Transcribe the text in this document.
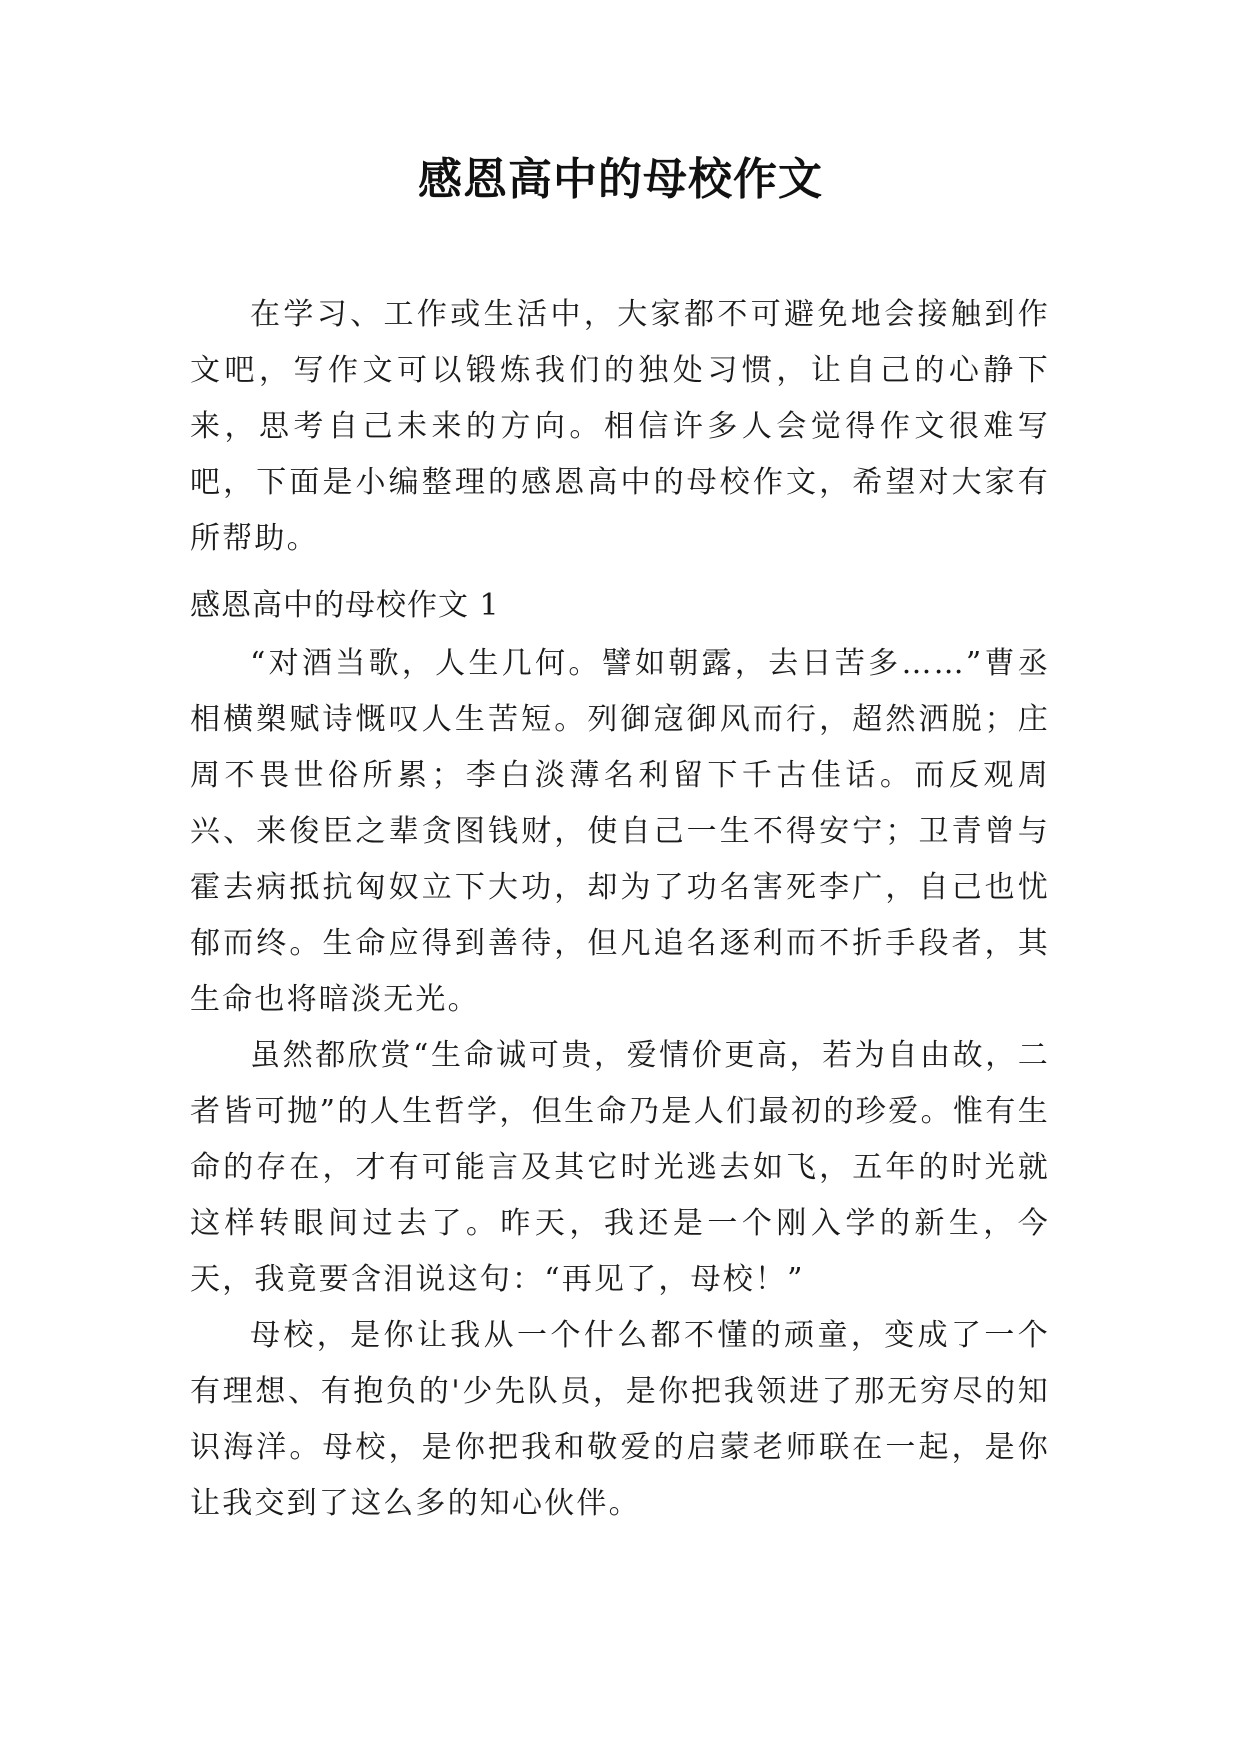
感恩高中的母校作文

在学习、工作或生活中，大家都不可避免地会接触到作文吧，写作文可以锻炼我们的独处习惯，让自己的心静下来，思考自己未来的方向。相信许多人会觉得作文很难写吧，下面是小编整理的感恩高中的母校作文，希望对大家有所帮助。

感恩高中的母校作文 1

“对酒当歌，人生几何。譬如朝露，去日苦多……”曹丞相横槊赋诗慨叹人生苦短。列御寇御风而行，超然洒脱；庄周不畏世俗所累；李白淡薄名利留下千古佳话。而反观周兴、来俊臣之辈贪图钱财，使自己一生不得安宁；卫青曾与霍去病抵抗匈奴立下大功，却为了功名害死李广，自己也忧郁而终。生命应得到善待，但凡追名逐利而不折手段者，其生命也将暗淡无光。

虽然都欣赏“生命诚可贵，爱情价更高，若为自由故，二者皆可抛”的人生哲学，但生命乃是人们最初的珍爱。惟有生命的存在，才有可能言及其它时光逃去如飞，五年的时光就这样转眼间过去了。昨天，我还是一个刚入学的新生，今天，我竟要含泪说这句：“再见了，母校！”

母校，是你让我从一个什么都不懂的顽童，变成了一个有理想、有抱负的'少先队员，是你把我领进了那无穷尽的知识海洋。母校，是你把我和敬爱的启蒙老师联在一起，是你让我交到了这么多的知心伙伴。
